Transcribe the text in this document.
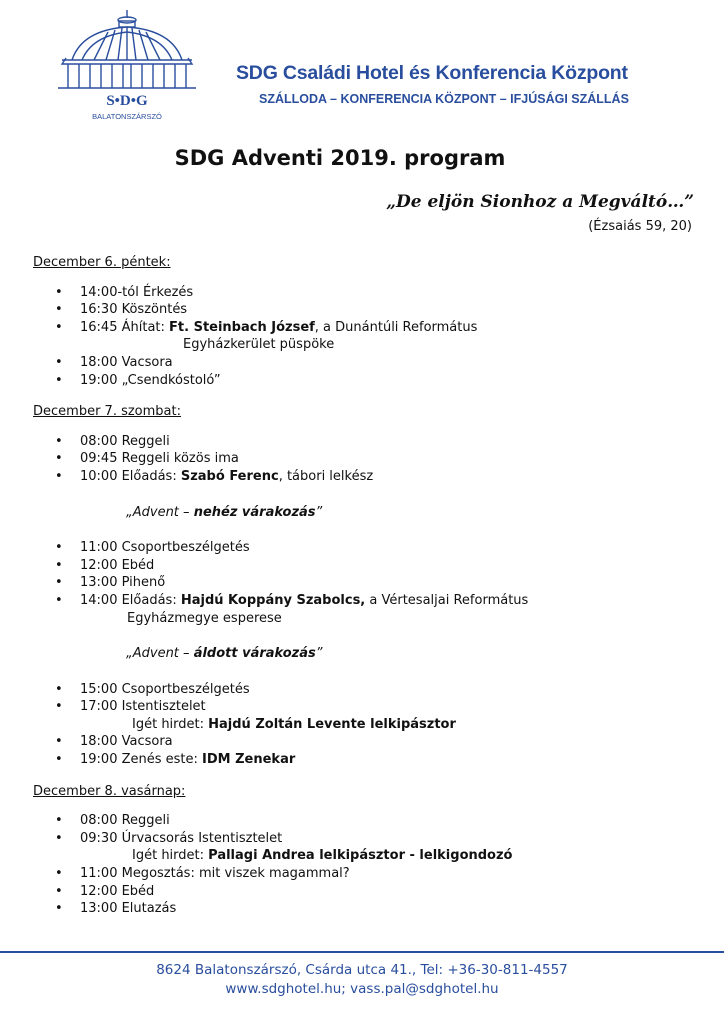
S•D•G
BALATONSZÁRSZÓ
SDG Családi Hotel és Konferencia Központ
SZÁLLODA – KONFERENCIA KÖZPONT – IFJÚSÁGI SZÁLLÁS
SDG Adventi 2019. program
„De eljön Sionhoz a Megváltó…”
(Ézsaiás 59, 20)

December 6. péntek:

• 14:00-tól Érkezés
• 16:30 Köszöntés
• 16:45 Áhítat: Ft. Steinbach József, a Dunántúli Református
Egyházkerület püspöke
• 18:00 Vacsora
• 19:00 „Csendkóstoló”

December 7. szombat:

• 08:00 Reggeli
• 09:45 Reggeli közös ima
• 10:00 Előadás: Szabó Ferenc, tábori lelkész
„Advent – nehéz várakozás”
• 11:00 Csoportbeszélgetés
• 12:00 Ebéd
• 13:00 Pihenő
• 14:00 Előadás: Hajdú Koppány Szabolcs, a Vértesaljai Református
Egyházmegye esperese
„Advent – áldott várakozás”
• 15:00 Csoportbeszélgetés
• 17:00 Istentisztelet
Igét hirdet: Hajdú Zoltán Levente lelkipásztor
• 18:00 Vacsora
• 19:00 Zenés este: IDM Zenekar

December 8. vasárnap:

• 08:00 Reggeli
• 09:30 Úrvacsorás Istentisztelet
Igét hirdet: Pallagi Andrea lelkipásztor - lelkigondozó
• 11:00 Megosztás: mit viszek magammal?
• 12:00 Ebéd
• 13:00 Elutazás
8624 Balatonszárszó, Csárda utca 41., Tel: +36-30-811-4557
www.sdghotel.hu; vass.pal@sdghotel.hu
